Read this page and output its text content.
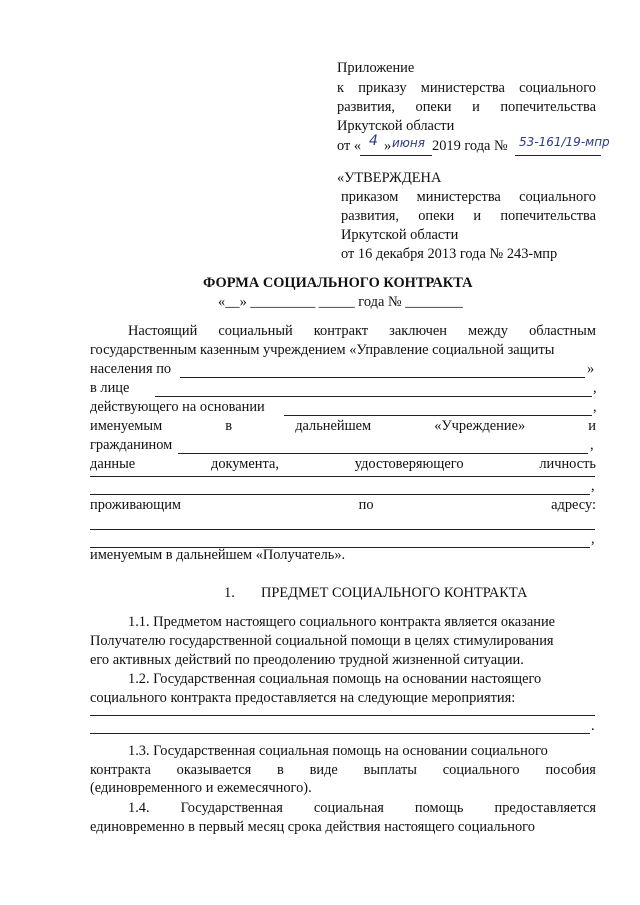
Приложение
к приказу министерства социального
развития, опеки и попечительства
Иркутской области
от « 4 » июня 2019 года № 53-161/19-мпр
«УТВЕРЖДЕНА
приказом министерства социального
развития, опеки и попечительства
Иркутской области
от 16 декабря 2013 года № 243-мпр
ФОРМА СОЦИАЛЬНОГО КОНТРАКТА
«__» _________ _____ года № ________
Настоящий социальный контракт заключен между областным
государственным казенным учреждением «Управление социальной защиты
населения по	»
в лице	,
действующего на основании	,
именуемым	в	дальнейшем	«Учреждение»	и
гражданином	,
данные	документа,	удостоверяющего	личность
,
проживающим	по	адресу:
,
именуемым в дальнейшем «Получатель».
1. ПРЕДМЕТ СОЦИАЛЬНОГО КОНТРАКТА
1.1. Предметом настоящего социального контракта является оказание
Получателю государственной социальной помощи в целях стимулирования
его активных действий по преодолению трудной жизненной ситуации.
1.2. Государственная социальная помощь на основании настоящего
социального контракта предоставляется на следующие мероприятия:
.
1.3. Государственная социальная помощь на основании социального
контракта оказывается в виде выплаты социального пособия
(единовременного и ежемесячного).
1.4. Государственная социальная помощь предоставляется
единовременно в первый месяц срока действия настоящего социального
